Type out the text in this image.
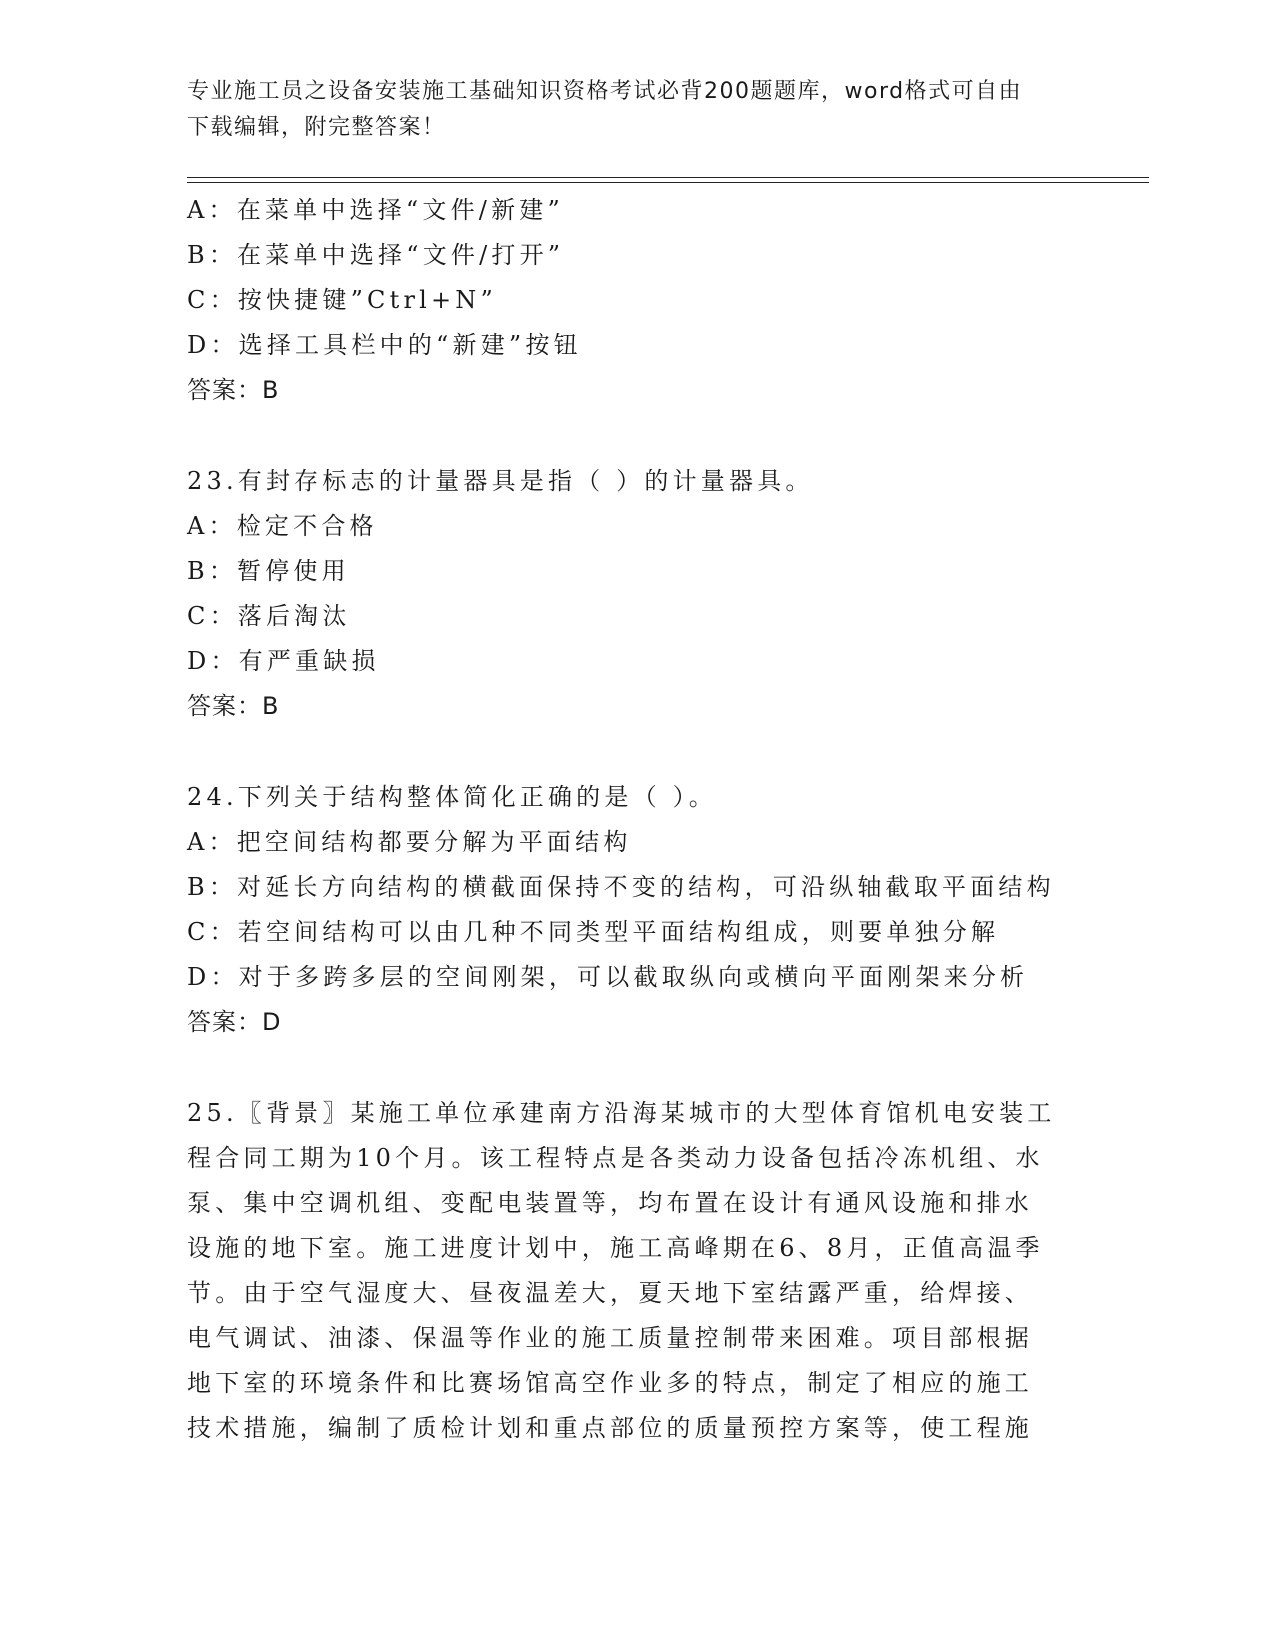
专业施工员之设备安装施工基础知识资格考试必背200题题库，word格式可自由
下载编辑，附完整答案！
A：在菜单中选择“文件/新建”
B：在菜单中选择“文件/打开”
C：按快捷键”Ctrl+N”
D：选择工具栏中的“新建”按钮
答案：B
23.有封存标志的计量器具是指（ ）的计量器具。
A：检定不合格
B：暂停使用
C：落后淘汰
D：有严重缺损
答案：B
24.下列关于结构整体简化正确的是（ ）。
A：把空间结构都要分解为平面结构
B：对延长方向结构的横截面保持不变的结构，可沿纵轴截取平面结构
C：若空间结构可以由几种不同类型平面结构组成，则要单独分解
D：对于多跨多层的空间刚架，可以截取纵向或横向平面刚架来分析
答案：D
25.〖背景〗某施工单位承建南方沿海某城市的大型体育馆机电安装工
程合同工期为10个月。该工程特点是各类动力设备包括冷冻机组、水
泵、集中空调机组、变配电装置等，均布置在设计有通风设施和排水
设施的地下室。施工进度计划中，施工高峰期在6、8月，正值高温季
节。由于空气湿度大、昼夜温差大，夏天地下室结露严重，给焊接、
电气调试、油漆、保温等作业的施工质量控制带来困难。项目部根据
地下室的环境条件和比赛场馆高空作业多的特点，制定了相应的施工
技术措施，编制了质检计划和重点部位的质量预控方案等，使工程施
